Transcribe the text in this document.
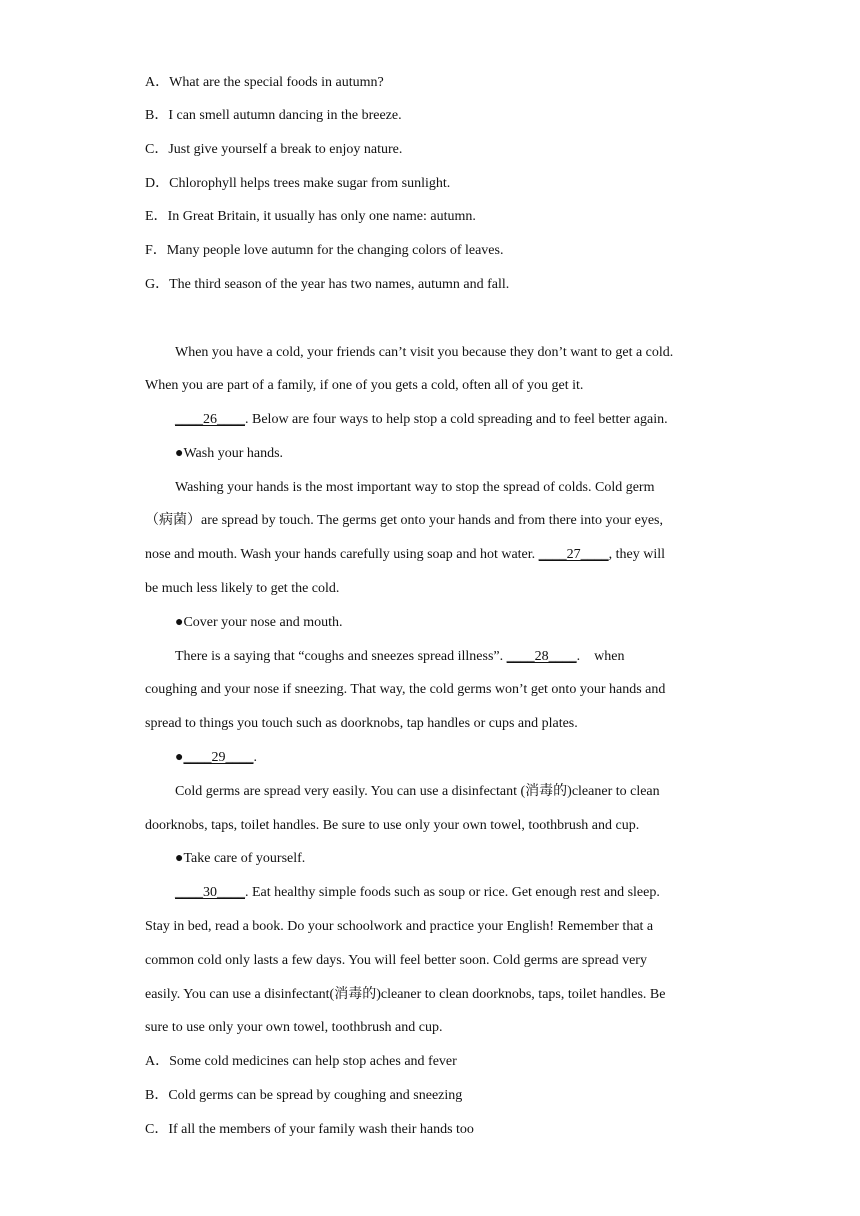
A．What are the special foods in autumn?
B．I can smell autumn dancing in the breeze.
C．Just give yourself a break to enjoy nature.
D．Chlorophyll helps trees make sugar from sunlight.
E．In Great Britain, it usually has only one name: autumn.
F．Many people love autumn for the changing colors of leaves.
G．The third season of the year has two names, autumn and fall.
When you have a cold, your friends can’t visit you because they don’t want to get a cold.
When you are part of a family, if one of you gets a cold, often all of you get it.
____26____. Below are four ways to help stop a cold spreading and to feel better again.
●Wash your hands.
Washing your hands is the most important way to stop the spread of colds. Cold germ
（病菌）are spread by touch. The germs get onto your hands and from there into your eyes,
nose and mouth. Wash your hands carefully using soap and hot water. ____27____, they will
be much less likely to get the cold.
●Cover your nose and mouth.
There is a saying that “coughs and sneezes spread illness”. ____28____.    when
coughing and your nose if sneezing. That way, the cold germs won’t get onto your hands and
spread to things you touch such as doorknobs, tap handles or cups and plates.
●____29____.
Cold germs are spread very easily. You can use a disinfectant (消毒的)cleaner to clean
doorknobs, taps, toilet handles. Be sure to use only your own towel, toothbrush and cup.
●Take care of yourself.
____30____. Eat healthy simple foods such as soup or rice. Get enough rest and sleep.
Stay in bed, read a book. Do your schoolwork and practice your English! Remember that a
common cold only lasts a few days. You will feel better soon. Cold germs are spread very
easily. You can use a disinfectant(消毒的)cleaner to clean doorknobs, taps, toilet handles. Be
sure to use only your own towel, toothbrush and cup.
A．Some cold medicines can help stop aches and fever
B．Cold germs can be spread by coughing and sneezing
C．If all the members of your family wash their hands too
